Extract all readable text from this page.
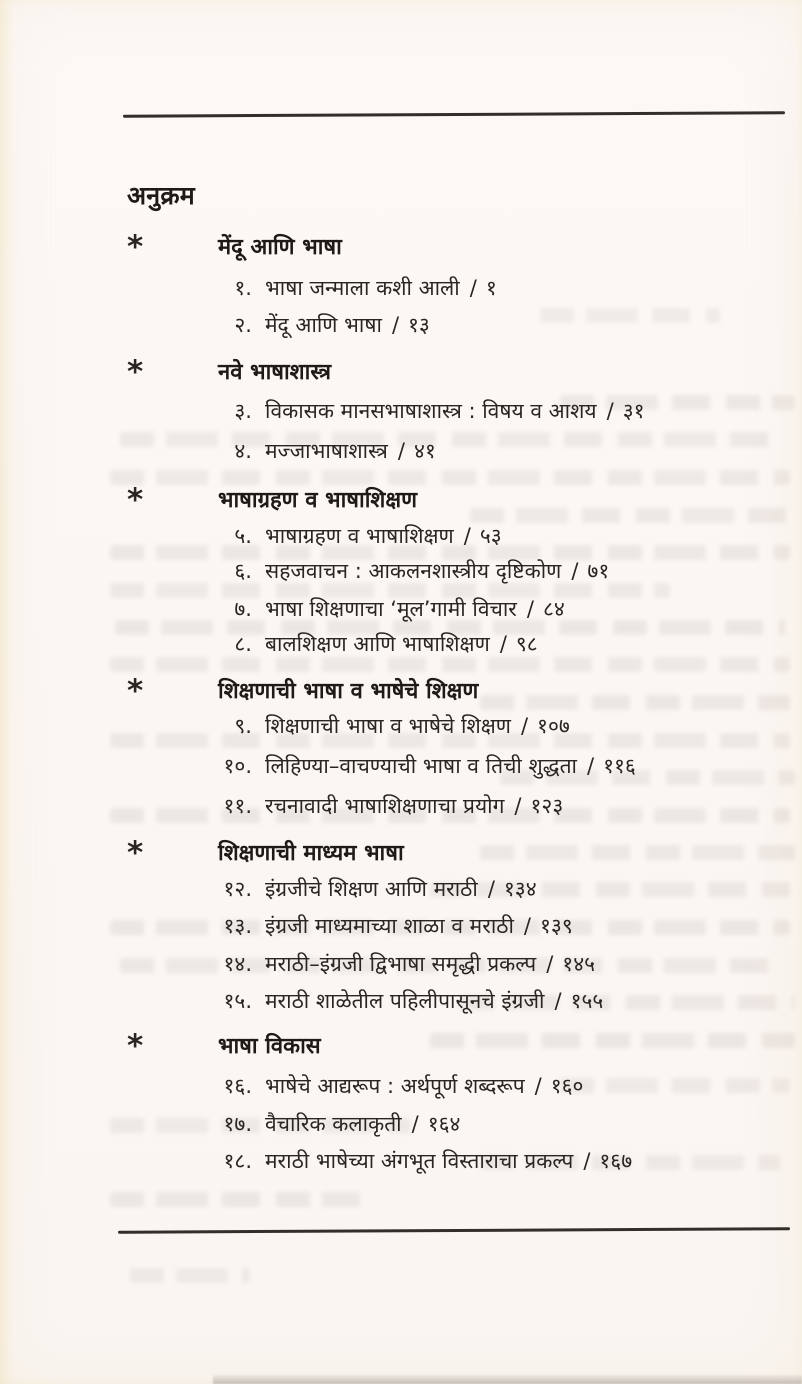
अनुक्रम
*	मेंदू आणि भाषा
१. भाषा जन्माला कशी आली / १
२. मेंदू आणि भाषा / १३
*	नवे भाषाशास्त्र
३. विकासक मानसभाषाशास्त्र : विषय व आशय / ३१
४. मज्जाभाषाशास्त्र / ४१
*	भाषाग्रहण व भाषाशिक्षण
५. भाषाग्रहण व भाषाशिक्षण / ५३
६. सहजवाचन : आकलनशास्त्रीय दृष्टिकोण / ७१
७. भाषा शिक्षणाचा ‘मूल’गामी विचार / ८४
८. बालशिक्षण आणि भाषाशिक्षण / ९८
*	शिक्षणाची भाषा व भाषेचे शिक्षण
९. शिक्षणाची भाषा व भाषेचे शिक्षण / १०७
१०. लिहिण्या–वाचण्याची भाषा व तिची शुद्धता / ११६
११. रचनावादी भाषाशिक्षणाचा प्रयोग / १२३
*	शिक्षणाची माध्यम भाषा
१२. इंग्रजीचे शिक्षण आणि मराठी / १३४
१३. इंग्रजी माध्यमाच्या शाळा व मराठी / १३९
१४. मराठी–इंग्रजी द्विभाषा समृद्धी प्रकल्प / १४५
१५. मराठी शाळेतील पहिलीपासूनचे इंग्रजी / १५५
*	भाषा विकास
१६. भाषेचे आद्यरूप : अर्थपूर्ण शब्दरूप / १६०
१७. वैचारिक कलाकृती / १६४
१८. मराठी भाषेच्या अंगभूत विस्ताराचा प्रकल्प / १६७
